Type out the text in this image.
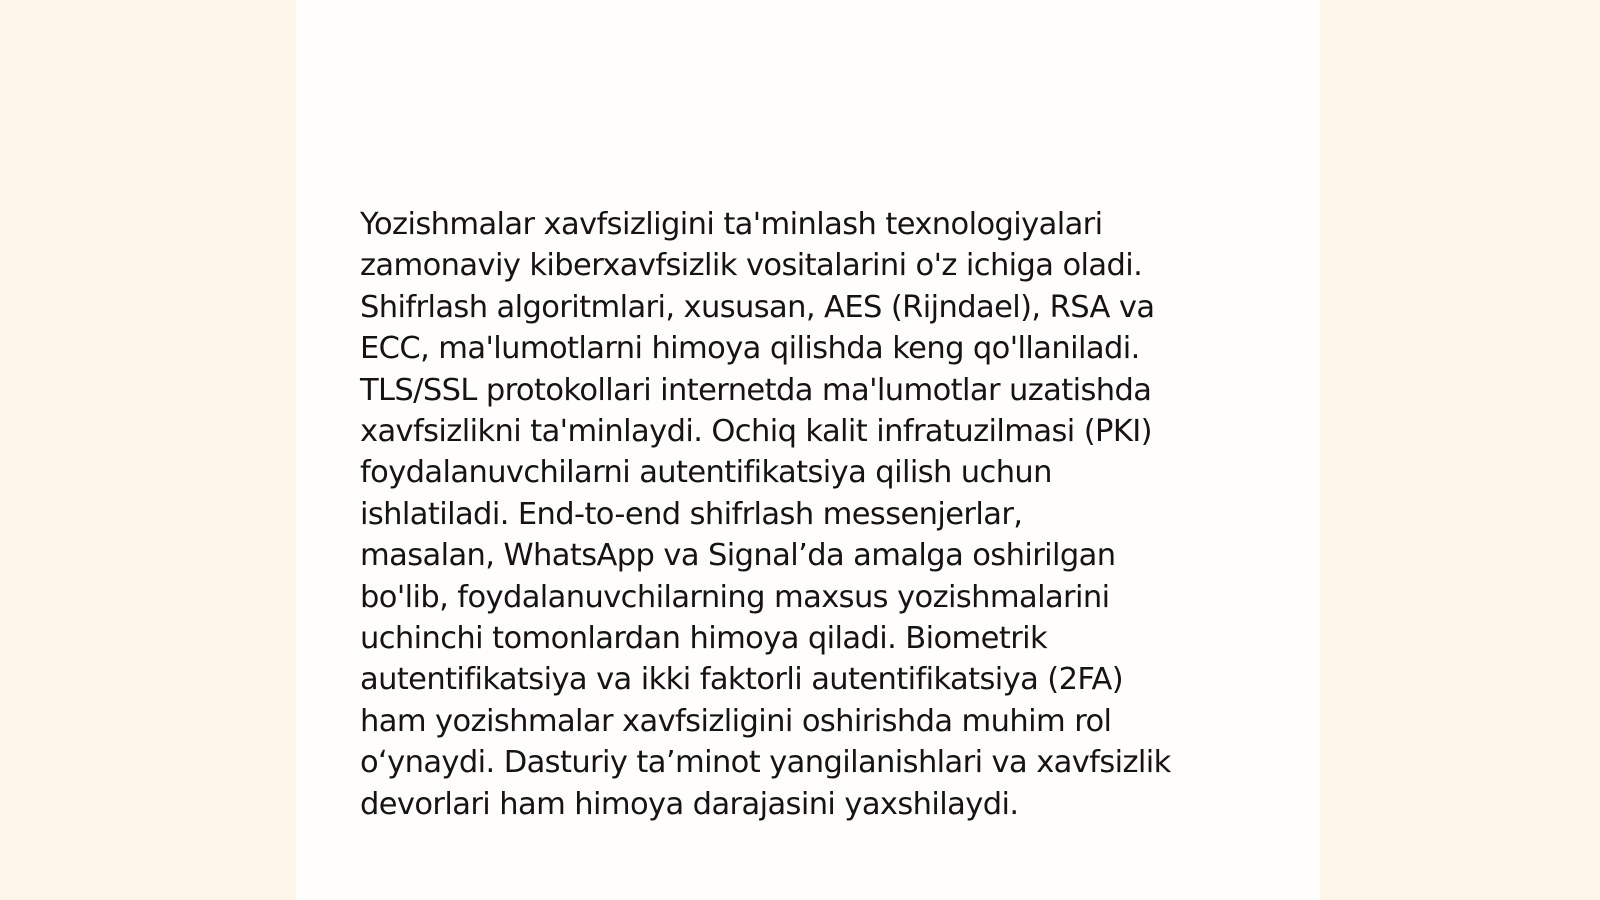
Yozishmalar xavfsizligini ta'minlash texnologiyalari
zamonaviy kiberxavfsizlik vositalarini o'z ichiga oladi.
Shifrlash algoritmlari, xususan, AES (Rijndael), RSA va
ECC, ma'lumotlarni himoya qilishda keng qo'llaniladi.
TLS/SSL protokollari internetda ma'lumotlar uzatishda
xavfsizlikni ta'minlaydi. Ochiq kalit infratuzilmasi (PKI)
foydalanuvchilarni autentifikatsiya qilish uchun
ishlatiladi. End-to-end shifrlash messenjerlar,
masalan, WhatsApp va Signal’da amalga oshirilgan
bo'lib, foydalanuvchilarning maxsus yozishmalarini
uchinchi tomonlardan himoya qiladi. Biometrik
autentifikatsiya va ikki faktorli autentifikatsiya (2FA)
ham yozishmalar xavfsizligini oshirishda muhim rol
o‘ynaydi. Dasturiy ta’minot yangilanishlari va xavfsizlik
devorlari ham himoya darajasini yaxshilaydi.
